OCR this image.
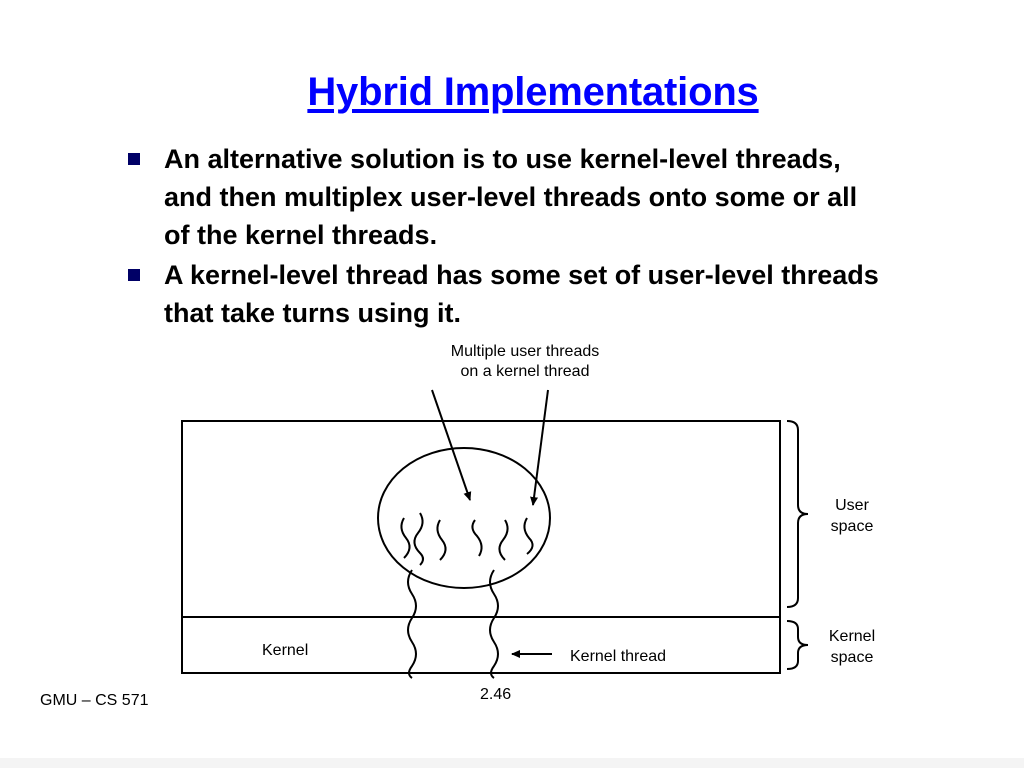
Hybrid Implementations
An alternative solution is to use kernel-level threads, and then multiplex user-level threads onto some or all of the kernel threads.
A kernel-level thread has some set of user-level threads that take turns using it.
Multiple user threads
on a kernel thread
Kernel	Kernel thread
User
space
Kernel
space
GMU – CS 571	2.46
